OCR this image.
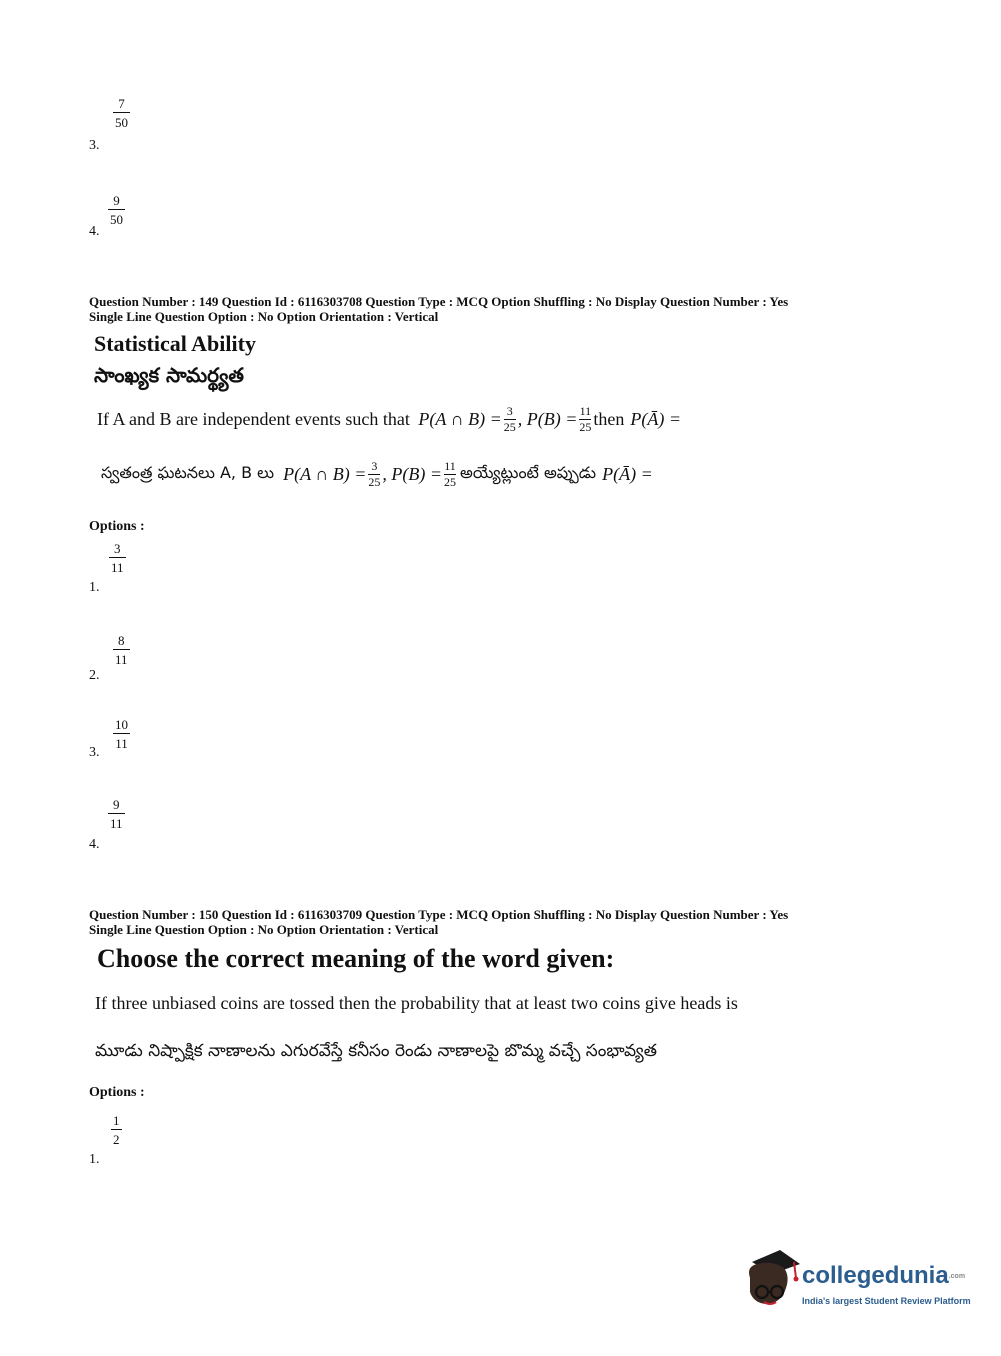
7
50
3.
9
50
4.
Question Number : 149 Question Id : 6116303708 Question Type : MCQ Option Shuffling : No Display Question Number : Yes
Single Line Question Option : No Option Orientation : Vertical
Statistical Ability
సాంఖ్యక సామర్థ్యత
If A and B are independent events such that P(A ∩ B) = 3
25 , P(B) = 11
25 then P(Ā) =
స్వతంత్ర ఘటనలు A, B లు P(A ∩ B) = 3
25 , P(B) = 11
25 అయ్యేట్లుంటే అప్పుడు P(Ā) =
Options :
3
11
1.
8
11
2.
10
11
3.
9
11
4.
Question Number : 150 Question Id : 6116303709 Question Type : MCQ Option Shuffling : No Display Question Number : Yes
Single Line Question Option : No Option Orientation : Vertical
Choose the correct meaning of the word given:
If three unbiased coins are tossed then the probability that at least two coins give heads is
మూడు నిష్పాక్షిక నాణాలను ఎగురవేస్తే కనీసం రెండు నాణాలపై బొమ్మ వచ్చే సంభావ్యత
Options :
1
2
1.
collegedunia.com
India's largest Student Review Platform
